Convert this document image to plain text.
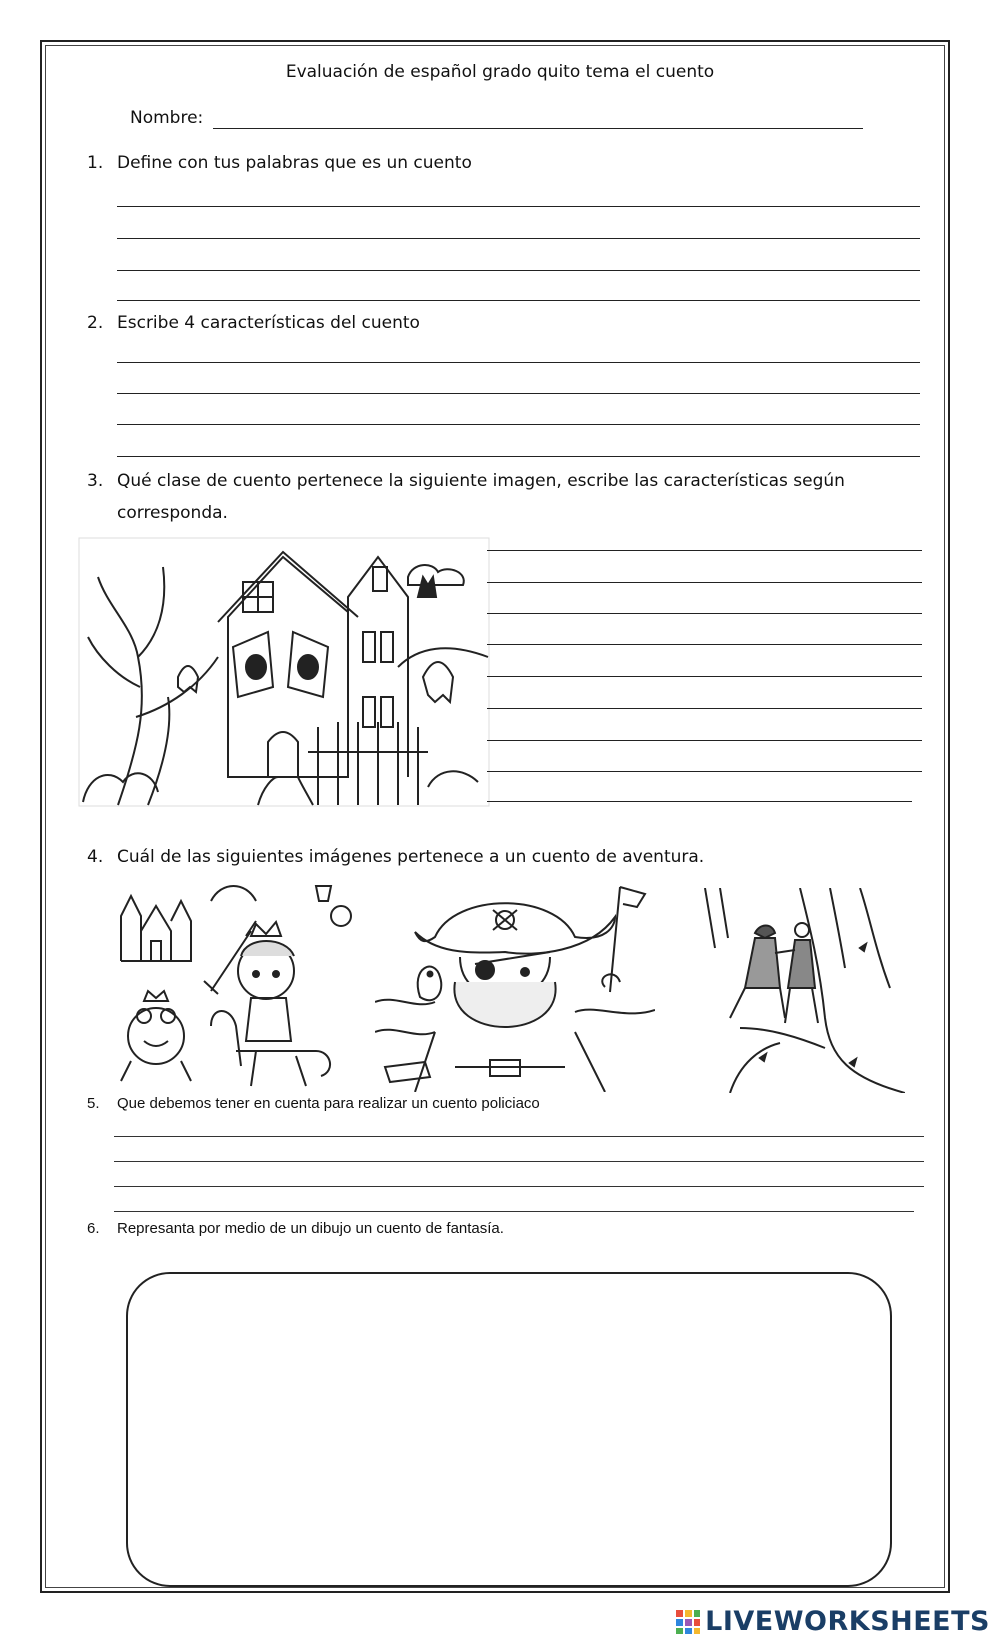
Evaluación de español grado quito tema el cuento
Nombre:
1. Define con tus palabras que es un cuento
2. Escribe 4 características del cuento
3. Qué clase de cuento pertenece la siguiente imagen, escribe las características según
corresponda.
4. Cuál de las siguientes imágenes pertenece a un cuento de aventura.
5. Que debemos tener en cuenta para realizar un cuento policiaco
6. Represanta por medio de un dibujo un cuento de fantasía.
LIVEWORKSHEETS
